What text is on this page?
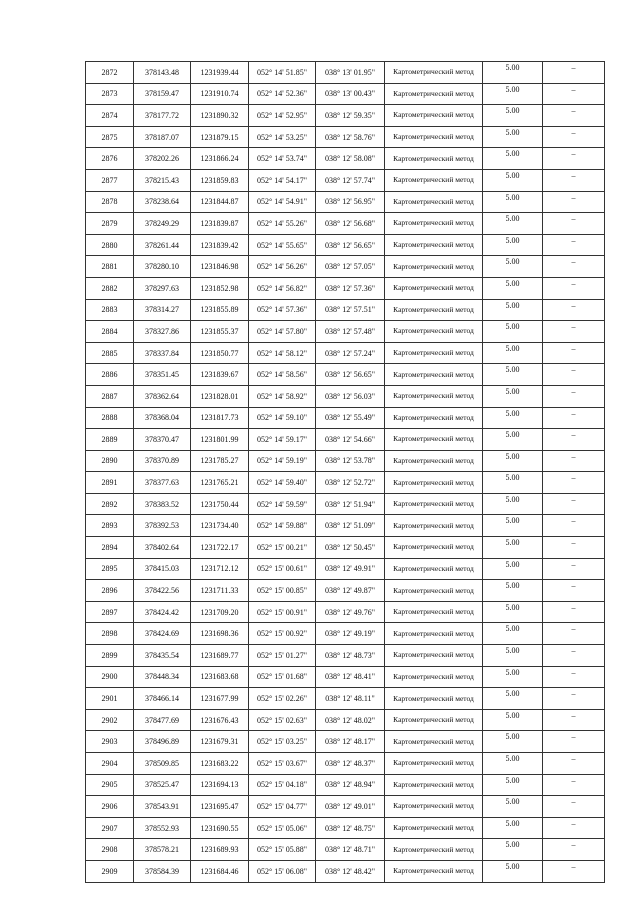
2872	378143.48	1231939.44	052° 14' 51.85"	038° 13' 01.95"	Картометрический метод	5.00	–
2873	378159.47	1231910.74	052° 14' 52.36"	038° 13' 00.43"	Картометрический метод	5.00	–
2874	378177.72	1231890.32	052° 14' 52.95"	038° 12' 59.35"	Картометрический метод	5.00	–
2875	378187.07	1231879.15	052° 14' 53.25"	038° 12' 58.76"	Картометрический метод	5.00	–
2876	378202.26	1231866.24	052° 14' 53.74"	038° 12' 58.08"	Картометрический метод	5.00	–
2877	378215.43	1231859.83	052° 14' 54.17"	038° 12' 57.74"	Картометрический метод	5.00	–
2878	378238.64	1231844.87	052° 14' 54.91"	038° 12' 56.95"	Картометрический метод	5.00	–
2879	378249.29	1231839.87	052° 14' 55.26"	038° 12' 56.68"	Картометрический метод	5.00	–
2880	378261.44	1231839.42	052° 14' 55.65"	038° 12' 56.65"	Картометрический метод	5.00	–
2881	378280.10	1231846.98	052° 14' 56.26"	038° 12' 57.05"	Картометрический метод	5.00	–
2882	378297.63	1231852.98	052° 14' 56.82"	038° 12' 57.36"	Картометрический метод	5.00	–
2883	378314.27	1231855.89	052° 14' 57.36"	038° 12' 57.51"	Картометрический метод	5.00	–
2884	378327.86	1231855.37	052° 14' 57.80"	038° 12' 57.48"	Картометрический метод	5.00	–
2885	378337.84	1231850.77	052° 14' 58.12"	038° 12' 57.24"	Картометрический метод	5.00	–
2886	378351.45	1231839.67	052° 14' 58.56"	038° 12' 56.65"	Картометрический метод	5.00	–
2887	378362.64	1231828.01	052° 14' 58.92"	038° 12' 56.03"	Картометрический метод	5.00	–
2888	378368.04	1231817.73	052° 14' 59.10"	038° 12' 55.49"	Картометрический метод	5.00	–
2889	378370.47	1231801.99	052° 14' 59.17"	038° 12' 54.66"	Картометрический метод	5.00	–
2890	378370.89	1231785.27	052° 14' 59.19"	038° 12' 53.78"	Картометрический метод	5.00	–
2891	378377.63	1231765.21	052° 14' 59.40"	038° 12' 52.72"	Картометрический метод	5.00	–
2892	378383.52	1231750.44	052° 14' 59.59"	038° 12' 51.94"	Картометрический метод	5.00	–
2893	378392.53	1231734.40	052° 14' 59.88"	038° 12' 51.09"	Картометрический метод	5.00	–
2894	378402.64	1231722.17	052° 15' 00.21"	038° 12' 50.45"	Картометрический метод	5.00	–
2895	378415.03	1231712.12	052° 15' 00.61"	038° 12' 49.91"	Картометрический метод	5.00	–
2896	378422.56	1231711.33	052° 15' 00.85"	038° 12' 49.87"	Картометрический метод	5.00	–
2897	378424.42	1231709.20	052° 15' 00.91"	038° 12' 49.76"	Картометрический метод	5.00	–
2898	378424.69	1231698.36	052° 15' 00.92"	038° 12' 49.19"	Картометрический метод	5.00	–
2899	378435.54	1231689.77	052° 15' 01.27"	038° 12' 48.73"	Картометрический метод	5.00	–
2900	378448.34	1231683.68	052° 15' 01.68"	038° 12' 48.41"	Картометрический метод	5.00	–
2901	378466.14	1231677.99	052° 15' 02.26"	038° 12' 48.11"	Картометрический метод	5.00	–
2902	378477.69	1231676.43	052° 15' 02.63"	038° 12' 48.02"	Картометрический метод	5.00	–
2903	378496.89	1231679.31	052° 15' 03.25"	038° 12' 48.17"	Картометрический метод	5.00	–
2904	378509.85	1231683.22	052° 15' 03.67"	038° 12' 48.37"	Картометрический метод	5.00	–
2905	378525.47	1231694.13	052° 15' 04.18"	038° 12' 48.94"	Картометрический метод	5.00	–
2906	378543.91	1231695.47	052° 15' 04.77"	038° 12' 49.01"	Картометрический метод	5.00	–
2907	378552.93	1231690.55	052° 15' 05.06"	038° 12' 48.75"	Картометрический метод	5.00	–
2908	378578.21	1231689.93	052° 15' 05.88"	038° 12' 48.71"	Картометрический метод	5.00	–
2909	378584.39	1231684.46	052° 15' 06.08"	038° 12' 48.42"	Картометрический метод	5.00	–
